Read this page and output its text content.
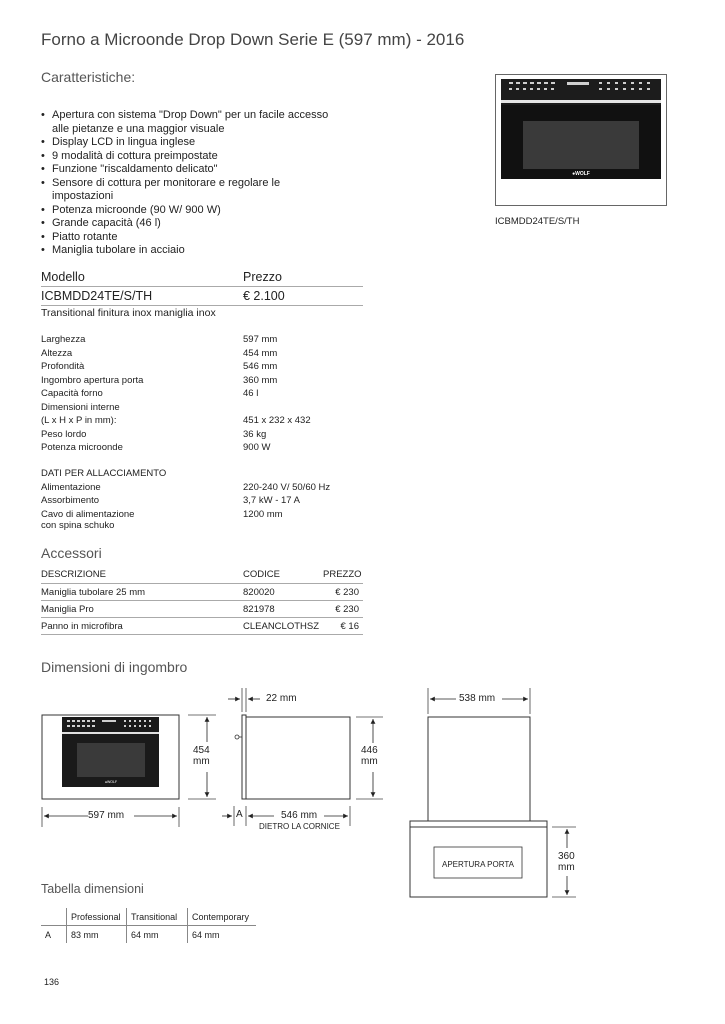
Forno a Microonde Drop Down Serie E (597 mm) - 2016
Caratteristiche:
• Apertura con sistema "Drop Down" per un facile accesso alle pietanze e una maggior visuale
• Display LCD in lingua inglese
• 9 modalità di cottura preimpostate
• Funzione "riscaldamento delicato"
• Sensore di cottura per monitorare e regolare le impostazioni
• Potenza microonde (90 W/ 900 W)
• Grande capacità (46 l)
• Piatto rotante
• Maniglia tubolare in acciaio
●WOLF
ICBMDD24TE/S/TH
Modello	Prezzo
ICBMDD24TE/S/TH	€ 2.100
Transitional finitura inox maniglia inox
Larghezza	597 mm
Altezza	454 mm
Profondità	546 mm
Ingombro apertura porta	360 mm
Capacità forno	46 l
Dimensioni interne
(L x H x P in mm):	451 x 232 x 432
Peso lordo	36 kg
Potenza microonde	900 W
DATI PER ALLACCIAMENTO
Alimentazione	220-240 V/ 50/60 Hz
Assorbimento	3,7 kW - 17 A
Cavo di alimentazione	1200 mm
con spina schuko
Accessori
DESCRIZIONE	CODICE	PREZZO
Maniglia tubolare 25 mm	820020	€ 230
Maniglia Pro	821978	€ 230
Panno in microfibra	CLEANCLOTHSZ	€ 16
Dimensioni di ingombro
●WOLF
597 mm
454
mm
22 mm
446
mm
A	546 mm
DIETRO LA CORNICE
538 mm
360
mm
APERTURA PORTA
Tabella dimensioni
	Professional	Transitional	Contemporary
A	83 mm	64 mm	64 mm
136
